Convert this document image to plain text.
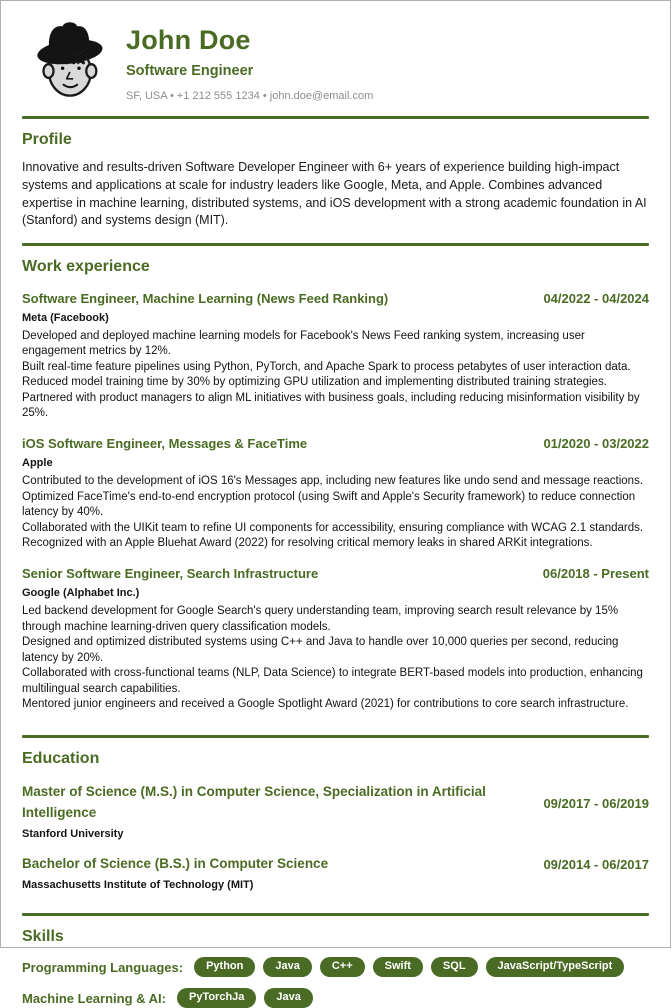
John Doe
Software Engineer
SF, USA • +1 212 555 1234 • john.doe@email.com
Profile

Innovative and results-driven Software Developer Engineer with 6+ years of experience building high-impact systems and applications at scale for industry leaders like Google, Meta, and Apple. Combines advanced expertise in machine learning, distributed systems, and iOS development with a strong academic foundation in AI (Stanford) and systems design (MIT).

Work experience
Software Engineer, Machine Learning (News Feed Ranking)	04/2022 - 04/2024
Meta (Facebook)
Developed and deployed machine learning models for Facebook's News Feed ranking system, increasing user engagement metrics by 12%.
Built real-time feature pipelines using Python, PyTorch, and Apache Spark to process petabytes of user interaction data.
Reduced model training time by 30% by optimizing GPU utilization and implementing distributed training strategies.
Partnered with product managers to align ML initiatives with business goals, including reducing misinformation visibility by 25%.
iOS Software Engineer, Messages & FaceTime	01/2020 - 03/2022
Apple
Contributed to the development of iOS 16's Messages app, including new features like undo send and message reactions.
Optimized FaceTime's end-to-end encryption protocol (using Swift and Apple's Security framework) to reduce connection latency by 40%.
Collaborated with the UIKit team to refine UI components for accessibility, ensuring compliance with WCAG 2.1 standards.
Recognized with an Apple Bluehat Award (2022) for resolving critical memory leaks in shared ARKit integrations.
Senior Software Engineer, Search Infrastructure	06/2018 - Present
Google (Alphabet Inc.)
Led backend development for Google Search's query understanding team, improving search result relevance by 15% through machine learning-driven query classification models.
Designed and optimized distributed systems using C++ and Java to handle over 10,000 queries per second, reducing latency by 20%.
Collaborated with cross-functional teams (NLP, Data Science) to integrate BERT-based models into production, enhancing multilingual search capabilities.
Mentored junior engineers and received a Google Spotlight Award (2021) for contributions to core search infrastructure.
Education
Master of Science (M.S.) in Computer Science, Specialization in Artificial Intelligence
09/2017 - 06/2019
Stanford University
Bachelor of Science (B.S.) in Computer Science	09/2014 - 06/2017
Massachusetts Institute of Technology (MIT)
Skills
Programming Languages:	Python	Java	C++	Swift	SQL	JavaScript/TypeScript
Machine Learning & AI:	PyTorchJa	Java
